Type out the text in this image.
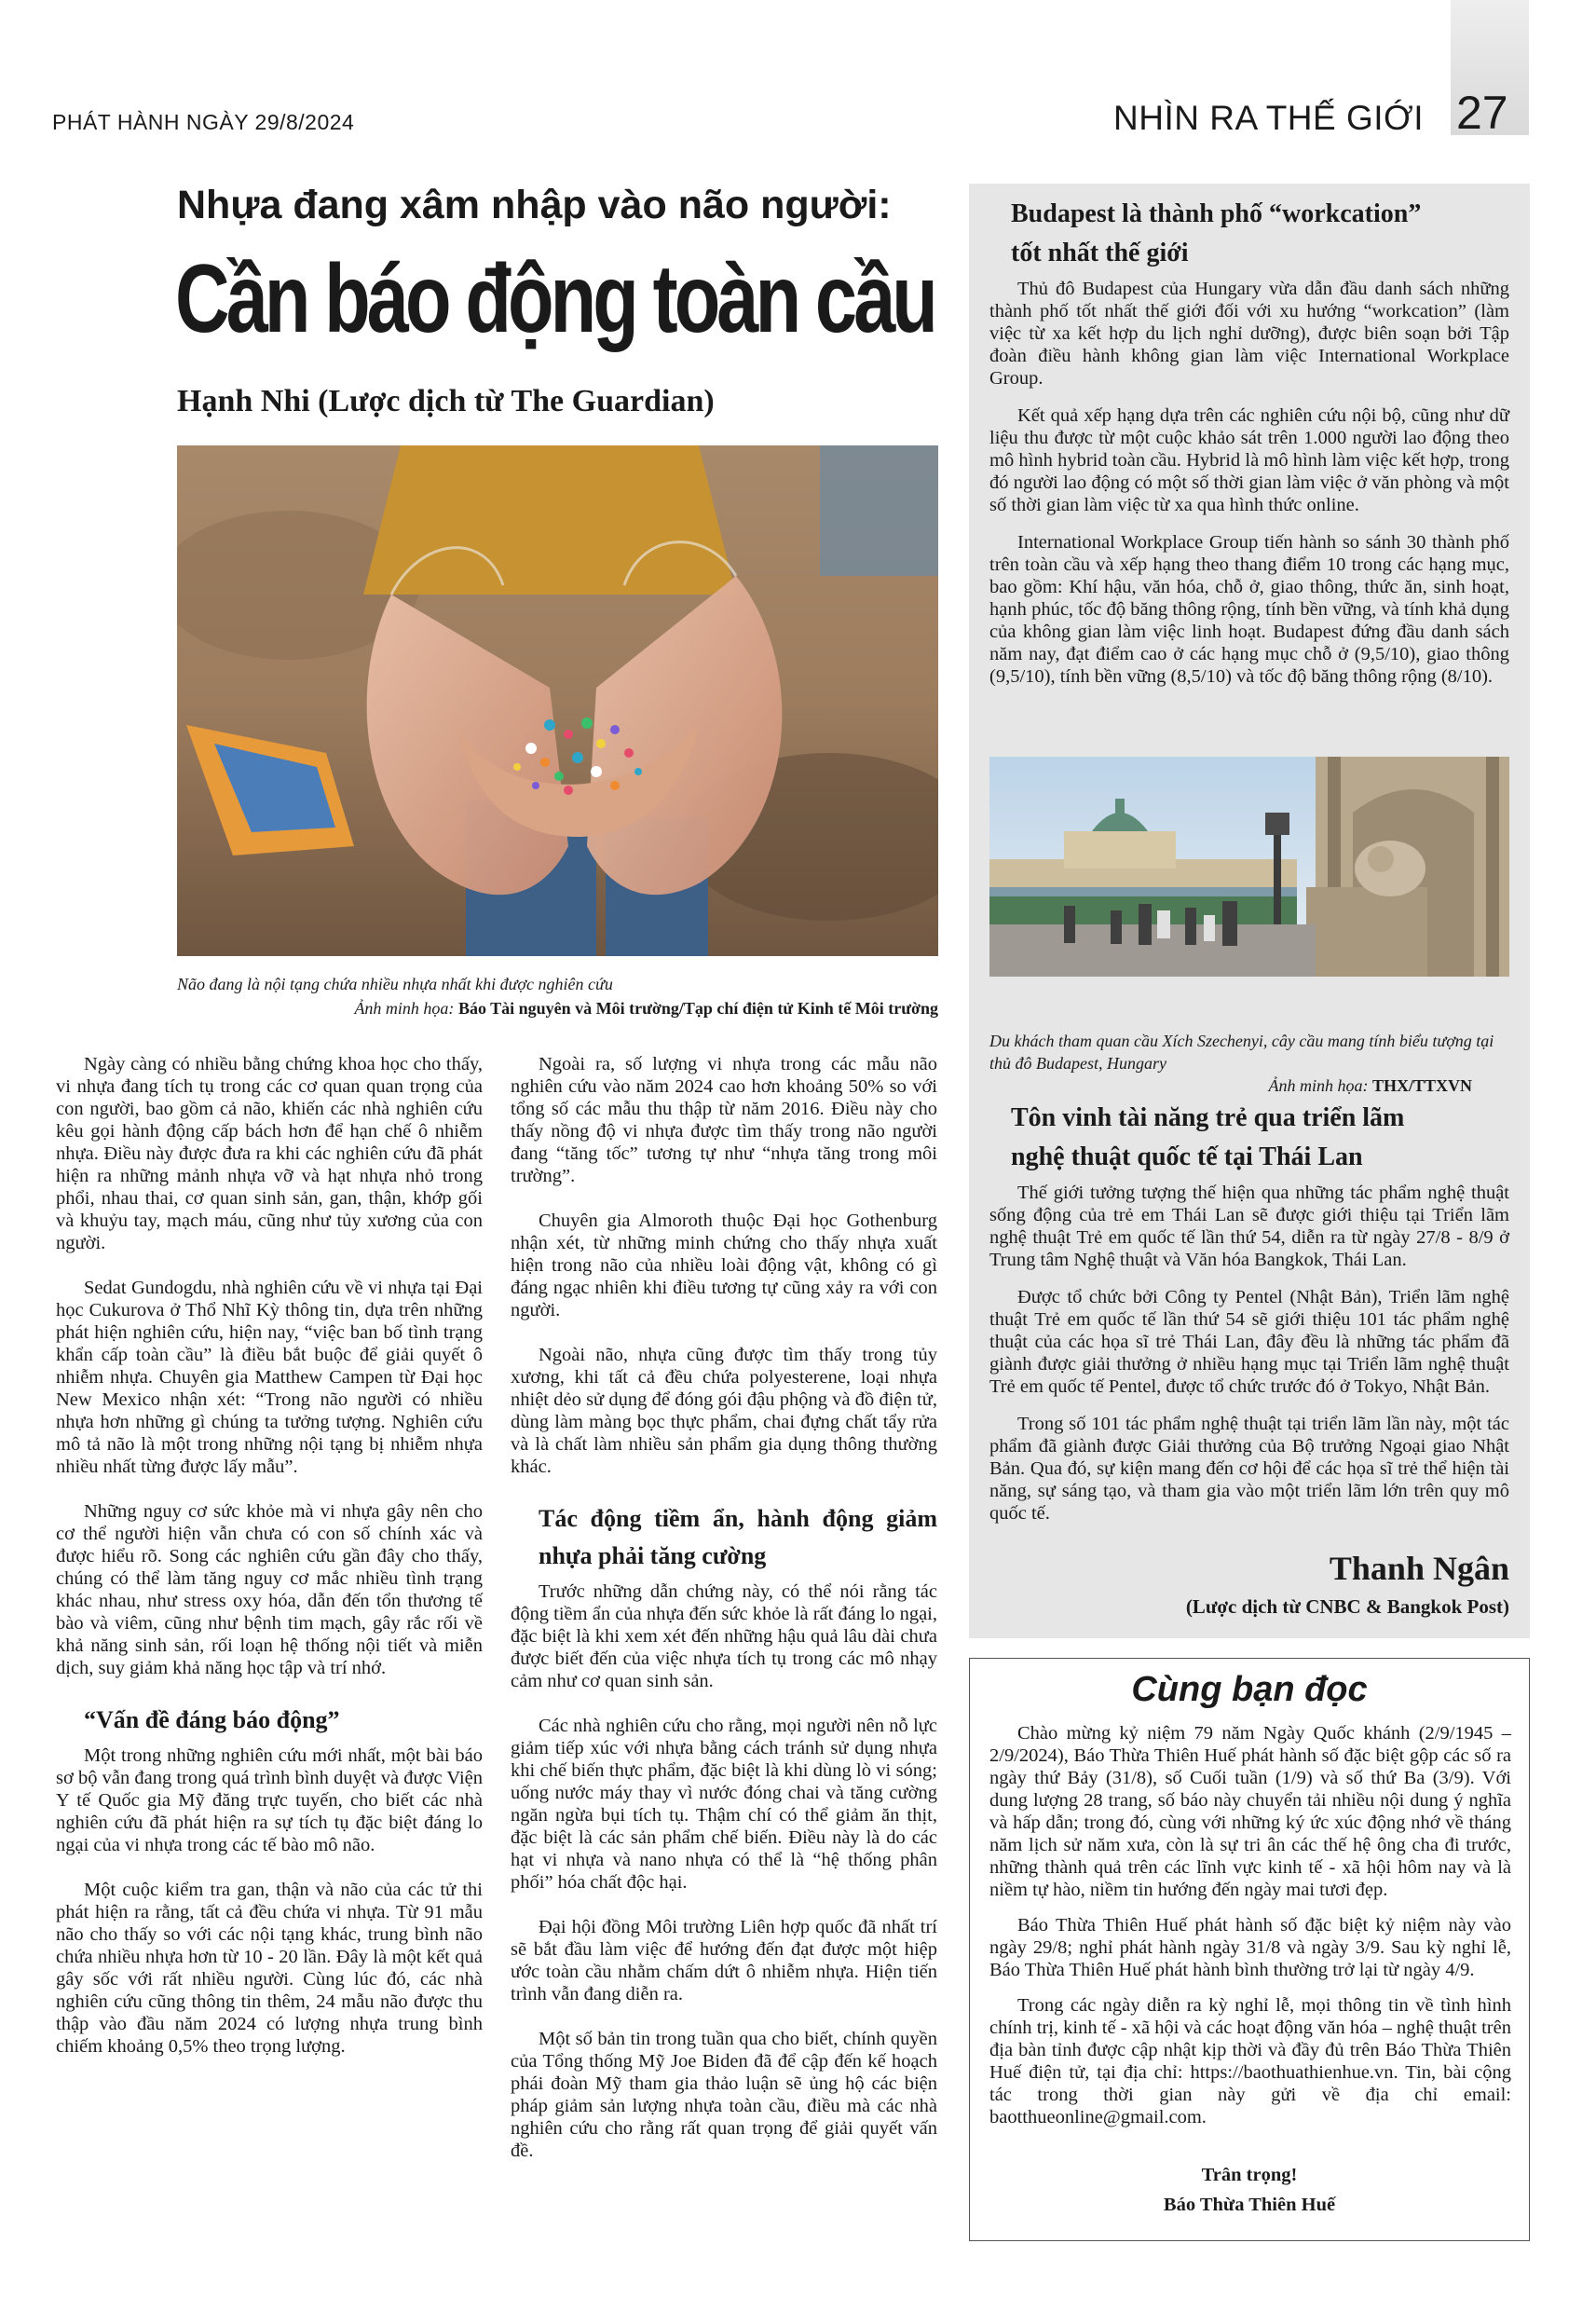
PHÁT HÀNH NGÀY 29/8/2024	NHÌN RA THẾ GIỚI 27
Nhựa đang xâm nhập vào não người:
Cần báo động toàn cầu
Hạnh Nhi (Lược dịch từ The Guardian)
Não đang là nội tạng chứa nhiều nhựa nhất khi được nghiên cứu
Ảnh minh họa: Báo Tài nguyên và Môi trường/Tạp chí điện tử Kinh tế Môi trường

Ngày càng có nhiều bằng chứng khoa học cho thấy, vi nhựa đang tích tụ trong các cơ quan quan trọng của con người, bao gồm cả não, khiến các nhà nghiên cứu kêu gọi hành động cấp bách hơn để hạn chế ô nhiễm nhựa. Điều này được đưa ra khi các nghiên cứu đã phát hiện ra những mảnh nhựa vỡ và hạt nhựa nhỏ trong phổi, nhau thai, cơ quan sinh sản, gan, thận, khớp gối và khuỷu tay, mạch máu, cũng như tủy xương của con người.

Sedat Gundogdu, nhà nghiên cứu về vi nhựa tại Đại học Cukurova ở Thổ Nhĩ Kỳ thông tin, dựa trên những phát hiện nghiên cứu, hiện nay, “việc ban bố tình trạng khẩn cấp toàn cầu” là điều bắt buộc để giải quyết ô nhiễm nhựa. Chuyên gia Matthew Campen từ Đại học New Mexico nhận xét: “Trong não người có nhiều nhựa hơn những gì chúng ta tưởng tượng. Nghiên cứu mô tả não là một trong những nội tạng bị nhiễm nhựa nhiều nhất từng được lấy mẫu”.

Những nguy cơ sức khỏe mà vi nhựa gây nên cho cơ thể người hiện vẫn chưa có con số chính xác và được hiểu rõ. Song các nghiên cứu gần đây cho thấy, chúng có thể làm tăng nguy cơ mắc nhiều tình trạng khác nhau, như stress oxy hóa, dẫn đến tổn thương tế bào và viêm, cũng như bệnh tim mạch, gây rắc rối về khả năng sinh sản, rối loạn hệ thống nội tiết và miễn dịch, suy giảm khả năng học tập và trí nhớ.

“Vấn đề đáng báo động”

Một trong những nghiên cứu mới nhất, một bài báo sơ bộ vẫn đang trong quá trình bình duyệt và được Viện Y tế Quốc gia Mỹ đăng trực tuyến, cho biết các nhà nghiên cứu đã phát hiện ra sự tích tụ đặc biệt đáng lo ngại của vi nhựa trong các tế bào mô não.

Một cuộc kiểm tra gan, thận và não của các tử thi phát hiện ra rằng, tất cả đều chứa vi nhựa. Từ 91 mẫu não cho thấy so với các nội tạng khác, trung bình não chứa nhiều nhựa hơn từ 10 - 20 lần. Đây là một kết quả gây sốc với rất nhiều người. Cùng lúc đó, các nhà nghiên cứu cũng thông tin thêm, 24 mẫu não được thu thập vào đầu năm 2024 có lượng nhựa trung bình chiếm khoảng 0,5% theo trọng lượng.

Ngoài ra, số lượng vi nhựa trong các mẫu não nghiên cứu vào năm 2024 cao hơn khoảng 50% so với tổng số các mẫu thu thập từ năm 2016. Điều này cho thấy nồng độ vi nhựa được tìm thấy trong não người đang “tăng tốc” tương tự như “nhựa tăng trong môi trường”.

Chuyên gia Almoroth thuộc Đại học Gothenburg nhận xét, từ những minh chứng cho thấy nhựa xuất hiện trong não của nhiều loài động vật, không có gì đáng ngạc nhiên khi điều tương tự cũng xảy ra với con người.

Ngoài não, nhựa cũng được tìm thấy trong tủy xương, khi tất cả đều chứa polyesterene, loại nhựa nhiệt dẻo sử dụng để đóng gói đậu phộng và đồ điện tử, dùng làm màng bọc thực phẩm, chai đựng chất tẩy rửa và là chất làm nhiều sản phẩm gia dụng thông thường khác.

Tác động tiềm ẩn, hành động giảm nhựa phải tăng cường

Trước những dẫn chứng này, có thể nói rằng tác động tiềm ẩn của nhựa đến sức khỏe là rất đáng lo ngại, đặc biệt là khi xem xét đến những hậu quả lâu dài chưa được biết đến của việc nhựa tích tụ trong các mô nhạy cảm như cơ quan sinh sản.

Các nhà nghiên cứu cho rằng, mọi người nên nỗ lực giảm tiếp xúc với nhựa bằng cách tránh sử dụng nhựa khi chế biến thực phẩm, đặc biệt là khi dùng lò vi sóng; uống nước máy thay vì nước đóng chai và tăng cường ngăn ngừa bụi tích tụ. Thậm chí có thể giảm ăn thịt, đặc biệt là các sản phẩm chế biến. Điều này là do các hạt vi nhựa và nano nhựa có thể là “hệ thống phân phối” hóa chất độc hại.

Đại hội đồng Môi trường Liên hợp quốc đã nhất trí sẽ bắt đầu làm việc để hướng đến đạt được một hiệp ước toàn cầu nhằm chấm dứt ô nhiễm nhựa. Hiện tiến trình vẫn đang diễn ra.

Một số bản tin trong tuần qua cho biết, chính quyền của Tổng thống Mỹ Joe Biden đã để cập đến kế hoạch phái đoàn Mỹ tham gia thảo luận sẽ ủng hộ các biện pháp giảm sản lượng nhựa toàn cầu, điều mà các nhà nghiên cứu cho rằng rất quan trọng để giải quyết vấn đề.

Budapest là thành phố “workcation”
tốt nhất thế giới

Thủ đô Budapest của Hungary vừa dẫn đầu danh sách những thành phố tốt nhất thế giới đối với xu hướng “workcation” (làm việc từ xa kết hợp du lịch nghỉ dưỡng), được biên soạn bởi Tập đoàn điều hành không gian làm việc International Workplace Group.

Kết quả xếp hạng dựa trên các nghiên cứu nội bộ, cũng như dữ liệu thu được từ một cuộc khảo sát trên 1.000 người lao động theo mô hình hybrid toàn cầu. Hybrid là mô hình làm việc kết hợp, trong đó người lao động có một số thời gian làm việc ở văn phòng và một số thời gian làm việc từ xa qua hình thức online.

International Workplace Group tiến hành so sánh 30 thành phố trên toàn cầu và xếp hạng theo thang điểm 10 trong các hạng mục, bao gồm: Khí hậu, văn hóa, chỗ ở, giao thông, thức ăn, sinh hoạt, hạnh phúc, tốc độ băng thông rộng, tính bền vững, và tính khả dụng của không gian làm việc linh hoạt. Budapest đứng đầu danh sách năm nay, đạt điểm cao ở các hạng mục chỗ ở (9,5/10), giao thông (9,5/10), tính bền vững (8,5/10) và tốc độ băng thông rộng (8/10).

Du khách tham quan cầu Xích Szechenyi, cây cầu mang tính biểu tượng tại thủ đô Budapest, Hungary
Ảnh minh họa: THX/TTXVN
Tôn vinh tài năng trẻ qua triển lãm
nghệ thuật quốc tế tại Thái Lan

Thế giới tưởng tượng thế hiện qua những tác phẩm nghệ thuật sống động của trẻ em Thái Lan sẽ được giới thiệu tại Triển lãm nghệ thuật Trẻ em quốc tế lần thứ 54, diễn ra từ ngày 27/8 - 8/9 ở Trung tâm Nghệ thuật và Văn hóa Bangkok, Thái Lan.

Được tổ chức bởi Công ty Pentel (Nhật Bản), Triển lãm nghệ thuật Trẻ em quốc tế lần thứ 54 sẽ giới thiệu 101 tác phẩm nghệ thuật của các họa sĩ trẻ Thái Lan, đây đều là những tác phẩm đã giành được giải thưởng ở nhiều hạng mục tại Triển lãm nghệ thuật Trẻ em quốc tế Pentel, được tổ chức trước đó ở Tokyo, Nhật Bản.

Trong số 101 tác phẩm nghệ thuật tại triển lãm lần này, một tác phẩm đã giành được Giải thưởng của Bộ trưởng Ngoại giao Nhật Bản. Qua đó, sự kiện mang đến cơ hội để các họa sĩ trẻ thể hiện tài năng, sự sáng tạo, và tham gia vào một triển lãm lớn trên quy mô quốc tế.

Thanh Ngân
(Lược dịch từ CNBC & Bangkok Post)
Cùng bạn đọc

Chào mừng kỷ niệm 79 năm Ngày Quốc khánh (2/9/1945 – 2/9/2024), Báo Thừa Thiên Huế phát hành số đặc biệt gộp các số ra ngày thứ Bảy (31/8), số Cuối tuần (1/9) và số thứ Ba (3/9). Với dung lượng 28 trang, số báo này chuyển tải nhiều nội dung ý nghĩa và hấp dẫn; trong đó, cùng với những ký ức xúc động nhớ về tháng năm lịch sử năm xưa, còn là sự tri ân các thế hệ ông cha đi trước, những thành quả trên các lĩnh vực kinh tế - xã hội hôm nay và là niềm tự hào, niềm tin hướng đến ngày mai tươi đẹp.

Báo Thừa Thiên Huế phát hành số đặc biệt kỷ niệm này vào ngày 29/8; nghỉ phát hành ngày 31/8 và ngày 3/9. Sau kỳ nghỉ lễ, Báo Thừa Thiên Huế phát hành bình thường trở lại từ ngày 4/9.

Trong các ngày diễn ra kỳ nghỉ lễ, mọi thông tin về tình hình chính trị, kinh tế - xã hội và các hoạt động văn hóa – nghệ thuật trên địa bàn tỉnh được cập nhật kịp thời và đầy đủ trên Báo Thừa Thiên Huế điện tử, tại địa chỉ: https://baothuathienhue.vn. Tin, bài cộng tác trong thời gian này gửi về địa chỉ email: baotthueonline@gmail.com.

Trân trọng!
Báo Thừa Thiên Huế
